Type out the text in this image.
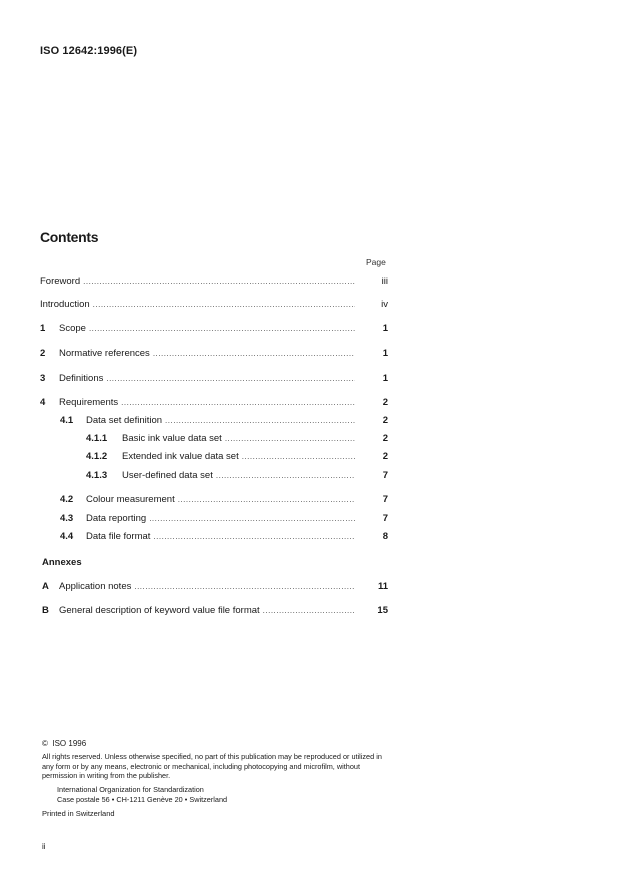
ISO 12642:1996(E)
Contents
Page
Foreword .....	iii
Introduction .....	iv
1	Scope .....	1
2	Normative references .....	1
3	Definitions .....	1
4	Requirements .....	2
4.1	Data set definition .....	2
4.1.1	Basic ink value data set .....	2
4.1.2	Extended ink value data set .....	2
4.1.3	User-defined data set .....	7
4.2	Colour measurement .....	7
4.3	Data reporting .....	7
4.4	Data file format .....	8
Annexes
A	Application notes .....	11
B	General description of keyword value file format .....	15
© ISO 1996
All rights reserved. Unless otherwise specified, no part of this publication may be reproduced or utilized in any form or by any means, electronic or mechanical, including photocopying and microfilm, without permission in writing from the publisher.
International Organization for Standardization
Case postale 56 • CH-1211 Genève 20 • Switzerland
Printed in Switzerland
ii
